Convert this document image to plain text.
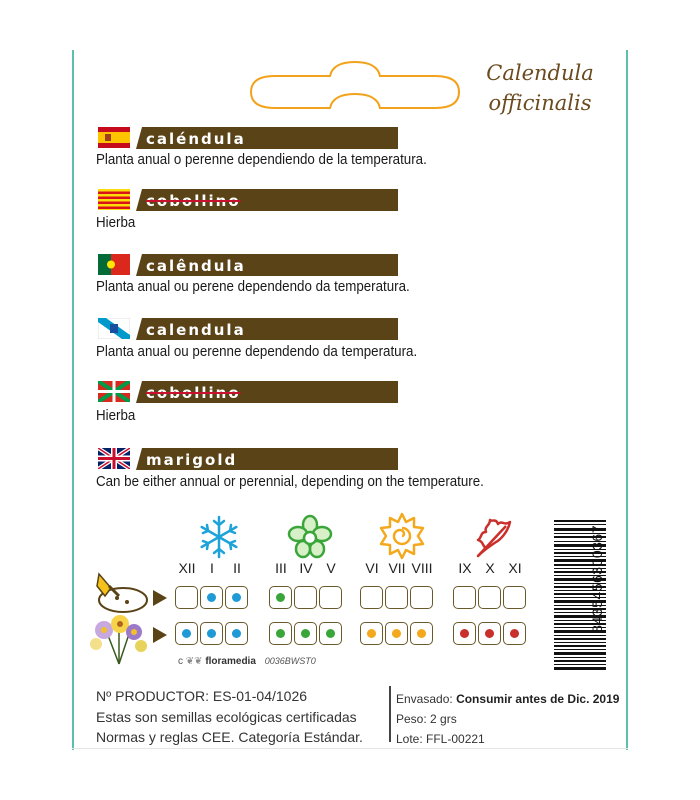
Calendula
officinalis
caléndula
Planta anual o perenne dependiendo de la temperatura.
cobollino
Hierba
calêndula
Planta anual ou perene dependendo da temperatura.
calendula
Planta anual ou perenne dependendo da temperatura.
cobollino
Hierba
marigold
Can be either annual or perennial, depending on the temperature.
XII	I	II	III IV V	VI VII VIII	IX X XI	8435456300367
c ❦❦ floramedia 0036BWST0
Nº PRODUCTOR: ES-01-04/1026
Estas son semillas ecológicas certificadas
Normas y reglas CEE. Categoría Estándar.
Envasado: Consumir antes de Dic. 2019
Peso: 2 grs
Lote: FFL-00221
